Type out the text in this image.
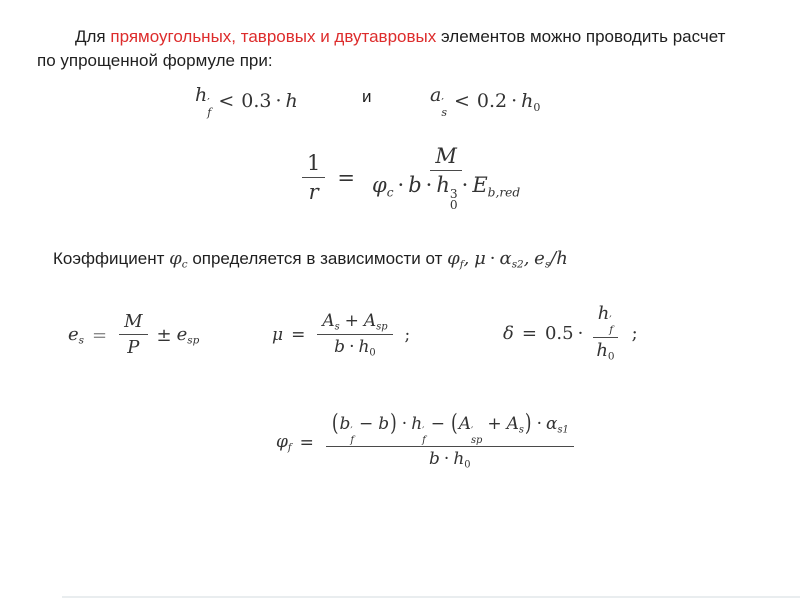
Для прямоугольных, тавровых и двутавровых элементов можно проводить расчет
по упрощенной формуле при:
h ′
f
< 0.3 · h	и	a ′
s
< $0.2 \cdot h_0$
$\frac{1}{r} = M$
$\varphi_c \cdot b \cdot h$ 3
0
· $E_{b,red}$
Коэффициент $\varphi_c$ определяется в зависимости от $\varphi_f$, $\mu \cdot \alpha_{s2}$, $e_s/h$
$e_s = \frac{M}{P} \pm e_{sp}$	$\mu = \frac{A_s + A_{sp}}{b \cdot h_0}$ ;	δ = 0.5 · h ′
f
$h_0$ ;
$\varphi_f = (b$ ′
f
− b) · h ′
f
− (A ′
sp
+ $A_s) \cdot \alpha_{s1}$
$b \cdot h_0$
